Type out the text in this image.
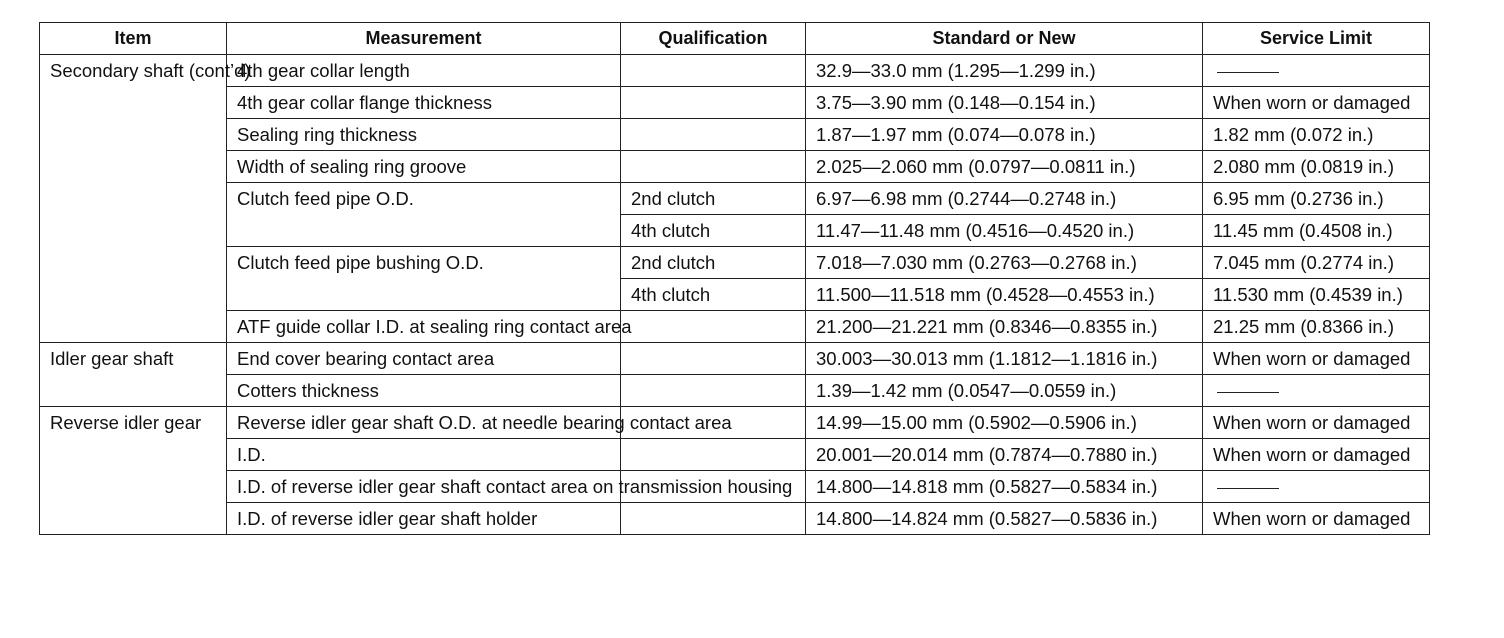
Item	Measurement	Qualification	Standard or New	Service Limit
Secondary shaft (cont’d)	4th gear collar length		32.9—33.0 mm (1.295—1.299 in.)	
	4th gear collar flange thickness		3.75—3.90 mm (0.148—0.154 in.)	When worn or damaged
	Sealing ring thickness		1.87—1.97 mm (0.074—0.078 in.)	1.82 mm (0.072 in.)
	Width of sealing ring groove		2.025—2.060 mm (0.0797—0.0811 in.)	2.080 mm (0.0819 in.)
	Clutch feed pipe O.D.	2nd clutch	6.97—6.98 mm (0.2744—0.2748 in.)	6.95 mm (0.2736 in.)
		4th clutch	11.47—11.48 mm (0.4516—0.4520 in.)	11.45 mm (0.4508 in.)
	Clutch feed pipe bushing O.D.	2nd clutch	7.018—7.030 mm (0.2763—0.2768 in.)	7.045 mm (0.2774 in.)
		4th clutch	11.500—11.518 mm (0.4528—0.4553 in.)	11.530 mm (0.4539 in.)
	ATF guide collar I.D. at sealing ring contact area		21.200—21.221 mm (0.8346—0.8355 in.)	21.25 mm (0.8366 in.)

Idler gear shaft	End cover bearing contact area		30.003—30.013 mm (1.1812—1.1816 in.)	When worn or damaged
	Cotters thickness		1.39—1.42 mm (0.0547—0.0559 in.)	
Reverse idler gear	Reverse idler gear shaft O.D. at needle bearing contact area		14.99—15.00 mm (0.5902—0.5906 in.)	When worn or damaged

	I.D.		20.001—20.014 mm (0.7874—0.7880 in.)	When worn or damaged
	I.D. of reverse idler gear shaft contact area on transmission housing		14.800—14.818 mm (0.5827—0.5834 in.)	

	I.D. of reverse idler gear shaft holder		14.800—14.824 mm (0.5827—0.5836 in.)	When worn or damaged
